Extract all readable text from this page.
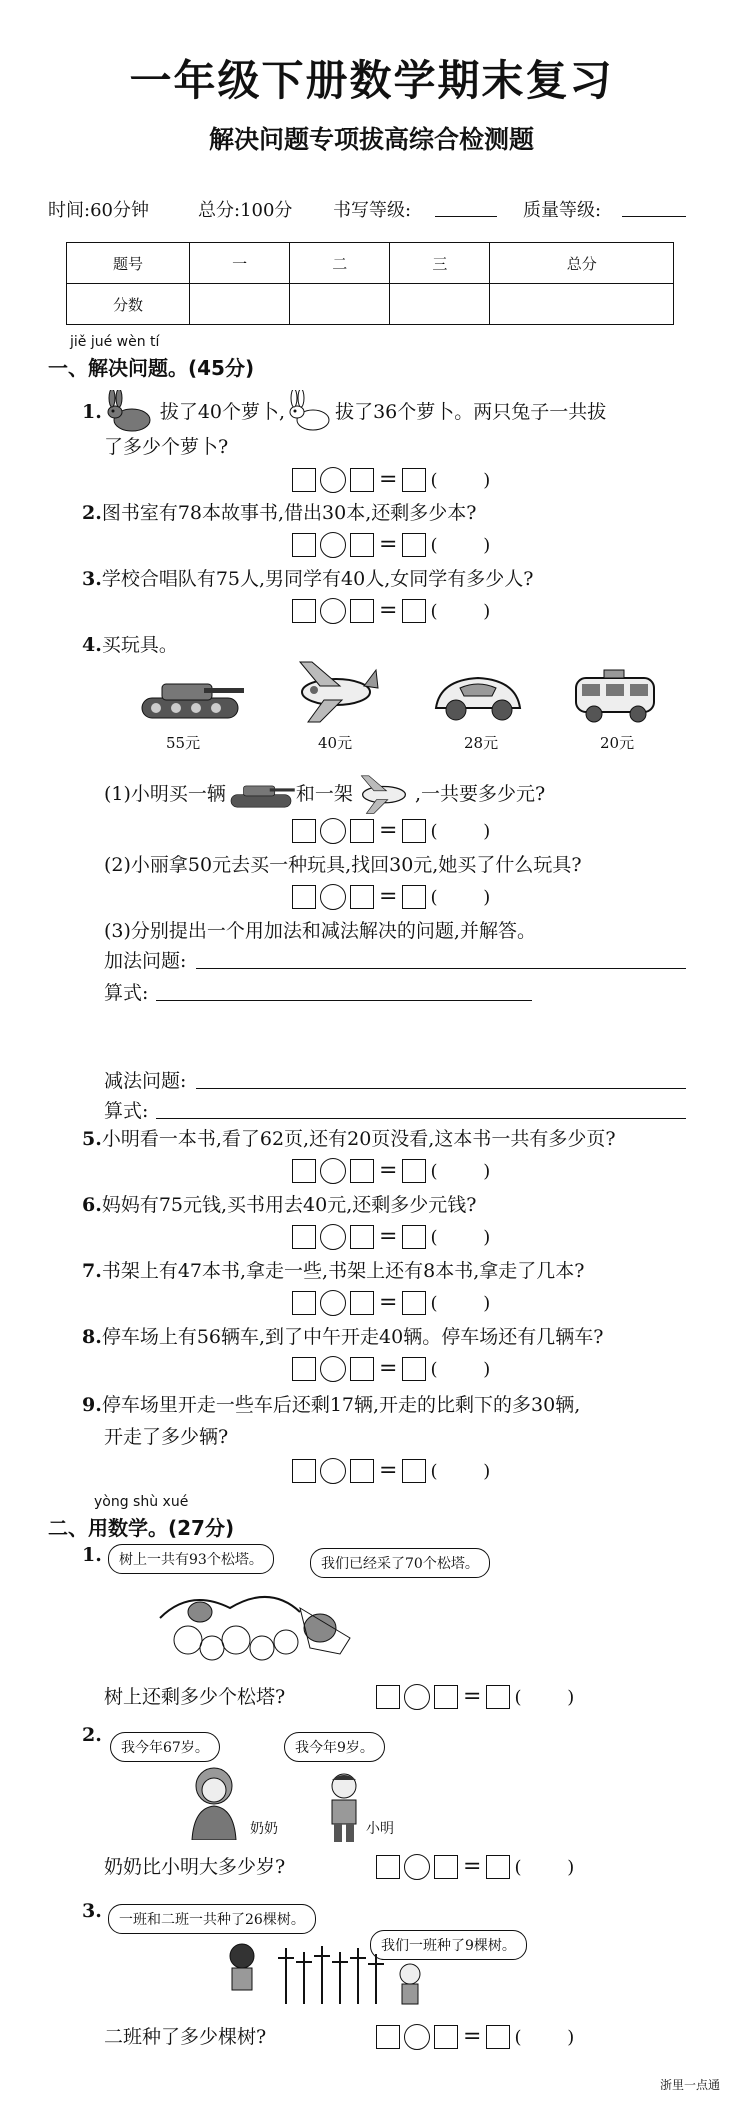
一年级下册数学期末复习
解决问题专项拔高综合检测题
时间:60分钟	总分:100分 书写等级:	质量等级:
题号	一	二	三	总分
分数				
jiě jué wèn tí
一、解决问题。(45分)
1.	拔了40个萝卜,	拔了36个萝卜。两只兔子一共拔
了多少个萝卜?
= (        )
2.图书室有78本故事书,借出30本,还剩多少本?
= (        )
3.学校合唱队有75人,男同学有40人,女同学有多少人?
= (        )
4.买玩具。
55元	40元	28元	20元
(1)小明买一辆	和一架	,一共要多少元?
= (        )
(2)小丽拿50元去买一种玩具,找回30元,她买了什么玩具?
= (        )
(3)分别提出一个用加法和减法解决的问题,并解答。
加法问题:
算式:
减法问题:
算式:
5.小明看一本书,看了62页,还有20页没看,这本书一共有多少页?
= (        )
6.妈妈有75元钱,买书用去40元,还剩多少元钱?
= (        )
7.书架上有47本书,拿走一些,书架上还有8本书,拿走了几本?
= (        )
8.停车场上有56辆车,到了中午开走40辆。停车场还有几辆车?
= (        )
9.停车场里开走一些车后还剩17辆,开走的比剩下的多30辆,
开走了多少辆?
= (        )
yòng shù xué
二、用数学。(27分)
1.	树上一共有93个松塔。	我们已经采了70个松塔。
树上还剩多少个松塔?	= (        )
2.
我今年67岁。	我今年9岁。
奶奶	小明
奶奶比小明大多少岁?	= (        )
3.	一班和二班一共种了26棵树。
我们一班种了9棵树。
二班种了多少棵树?	= (        )
浙里一点通
